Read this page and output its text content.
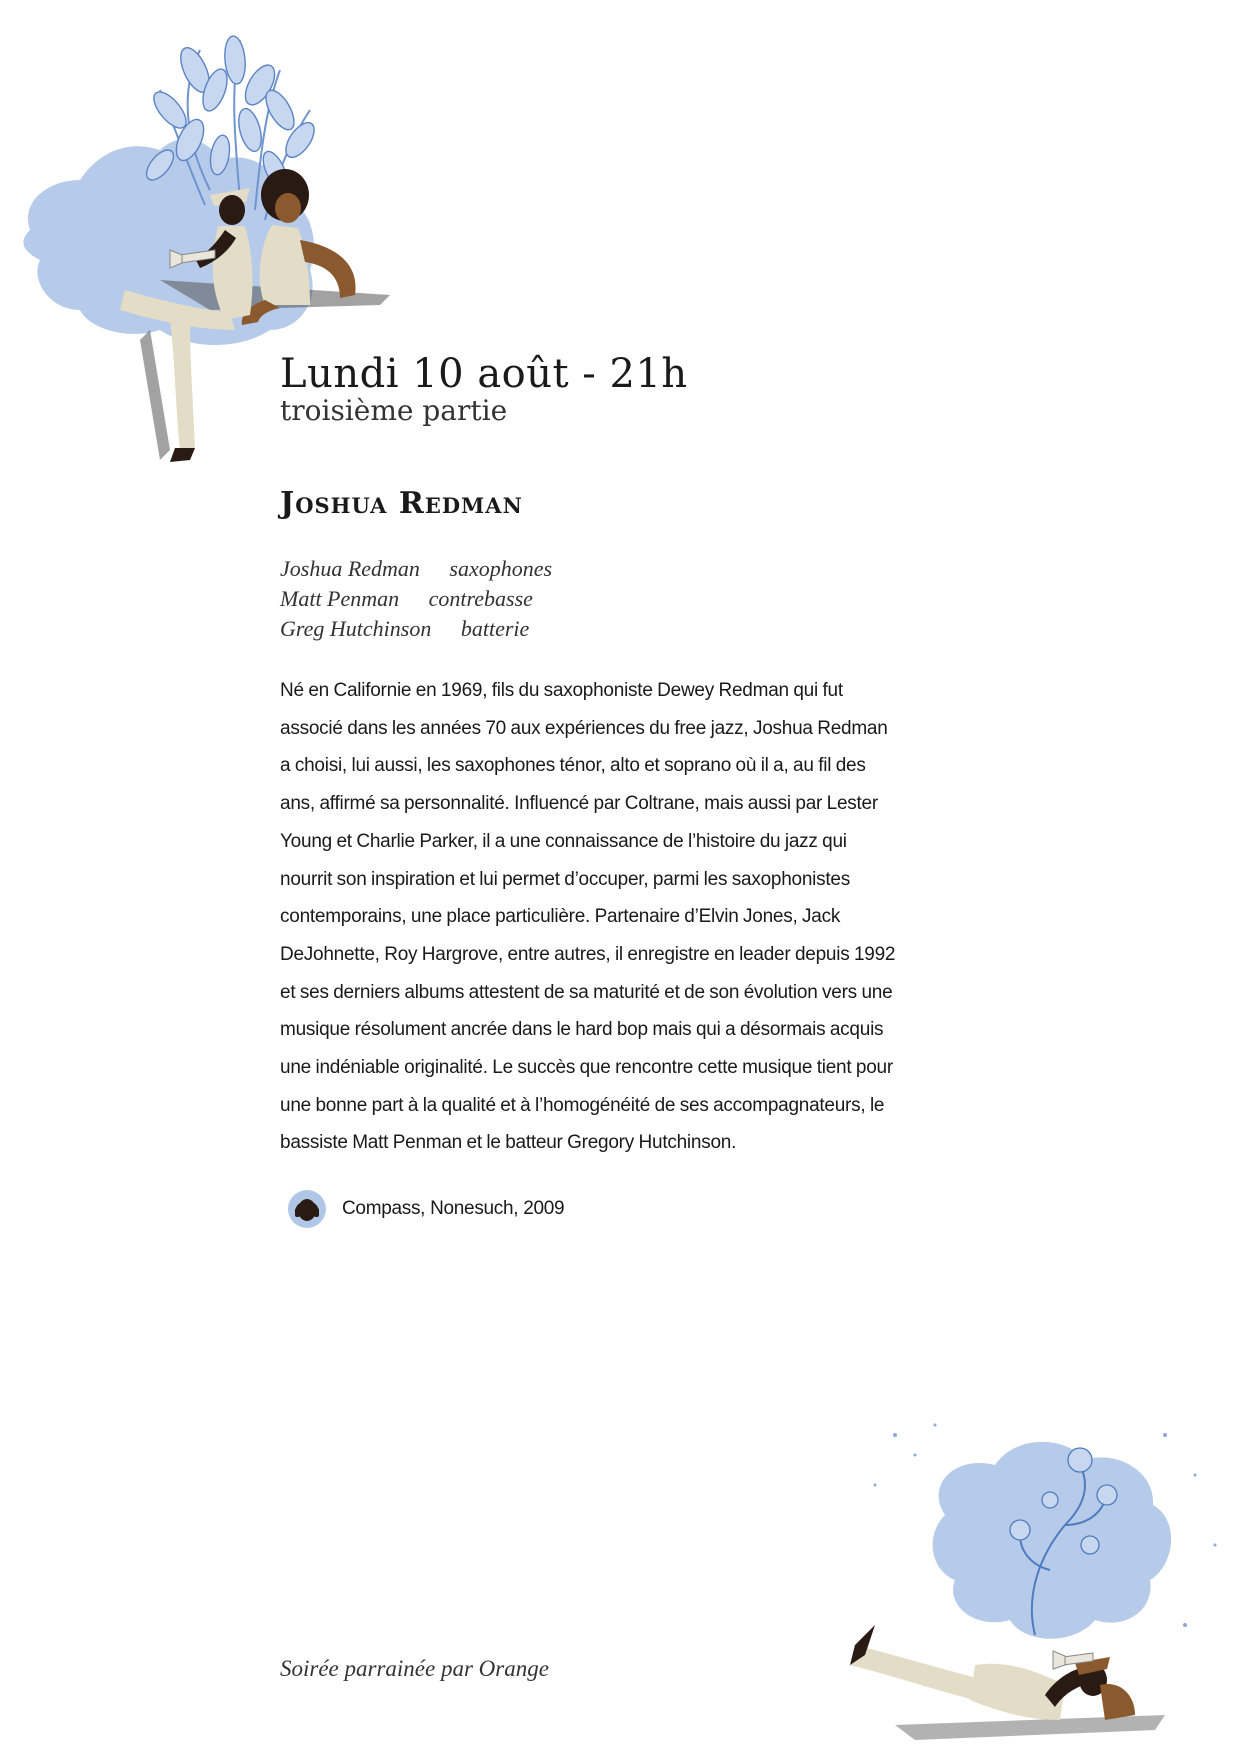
Lundi 10 août - 21h

troisième partie

Joshua Redman
Joshua Redman saxophones
Matt Penman contrebasse
Greg Hutchinson batterie

Né en Californie en 1969, fils du saxophoniste Dewey Redman qui fut associé dans les années 70 aux expériences du free jazz, Joshua Redman a choisi, lui aussi, les saxophones ténor, alto et soprano où il a, au fil des ans, affirmé sa personnalité. Influencé par Coltrane, mais aussi par Lester Young et Charlie Parker, il a une connaissance de l’histoire du jazz qui nourrit son inspiration et lui permet d’occuper, parmi les saxophonistes contemporains, une place particulière. Partenaire d’Elvin Jones, Jack DeJohnette, Roy Hargrove, entre autres, il enregistre en leader depuis 1992 et ses derniers albums attestent de sa maturité et de son évolution vers une musique résolument ancrée dans le hard bop mais qui a désormais acquis une indéniable originalité. Le succès que rencontre cette musique tient pour une bonne part à la qualité et à l’homogénéité de ses accompagnateurs, le bassiste Matt Penman et le batteur Gregory Hutchinson.

Compass, Nonesuch, 2009
Soirée parrainée par Orange
